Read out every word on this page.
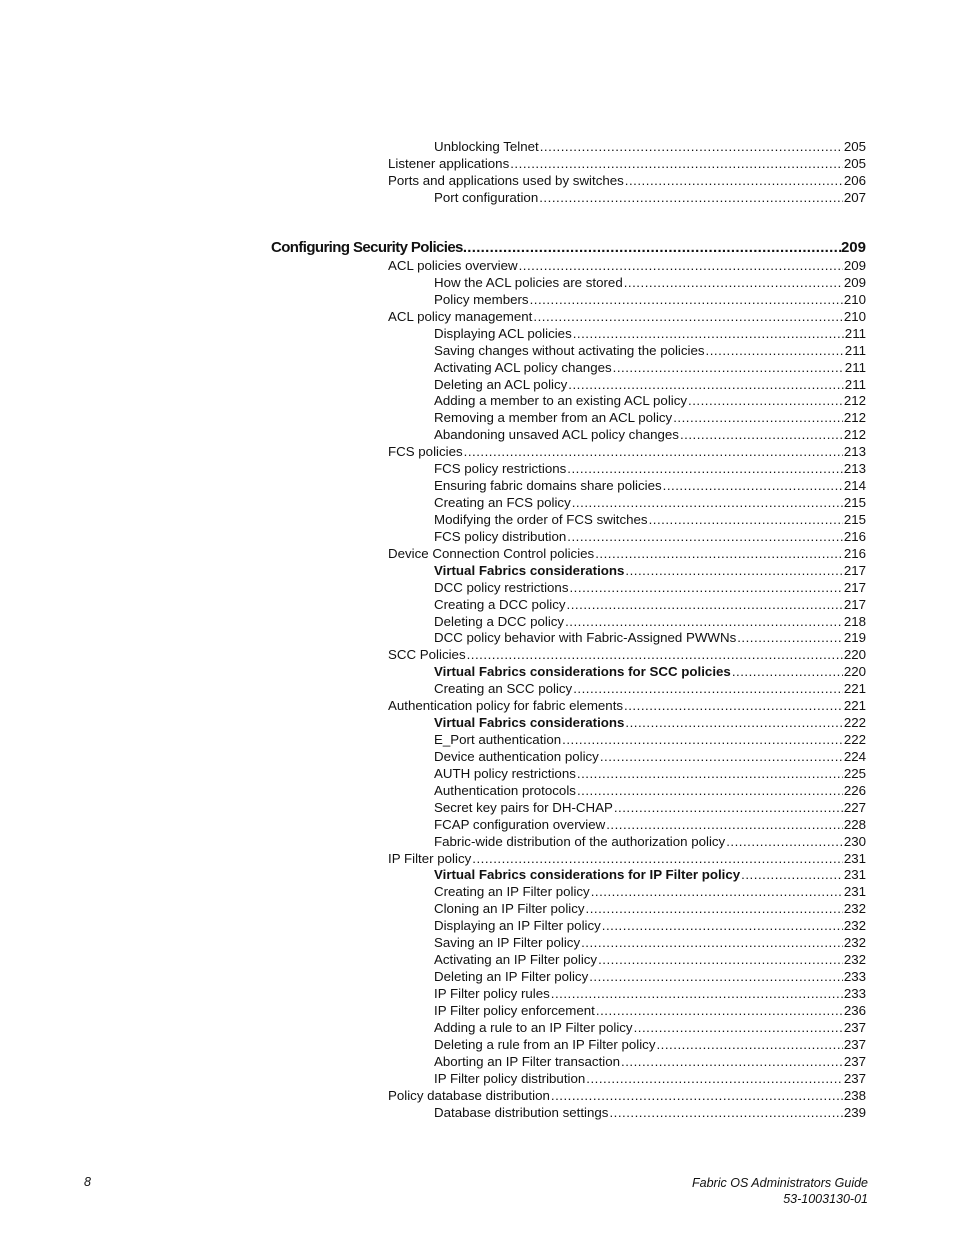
Unblocking Telnet .....	205
Listener applications .....	205
Ports and applications used by switches .....	206
Port configuration .....	207
Configuring Security Policies .....	209
ACL policies overview .....	209
How the ACL policies are stored .....	209
Policy members .....	210
ACL policy management .....	210
Displaying ACL policies .....	211
Saving changes without activating the policies .....	211
Activating ACL policy changes .....	211
Deleting an ACL policy .....	211
Adding a member to an existing ACL policy .....	212
Removing a member from an ACL policy .....	212
Abandoning unsaved ACL policy changes .....	212
FCS policies .....	213
FCS policy restrictions .....	213
Ensuring fabric domains share policies .....	214
Creating an FCS policy .....	215
Modifying the order of FCS switches .....	215
FCS policy distribution .....	216
Device Connection Control policies .....	216
Virtual Fabrics considerations .....	217
DCC policy restrictions .....	217
Creating a DCC policy .....	217
Deleting a DCC policy .....	218
DCC policy behavior with Fabric-Assigned PWWNs .....	219
SCC Policies .....	220
Virtual Fabrics considerations for SCC policies .....	220
Creating an SCC policy .....	221
Authentication policy for fabric elements .....	221
Virtual Fabrics considerations .....	222
E_Port authentication .....	222
Device authentication policy .....	224
AUTH policy restrictions .....	225
Authentication protocols .....	226
Secret key pairs for DH-CHAP .....	227
FCAP configuration overview .....	228
Fabric-wide distribution of the authorization policy .....	230
IP Filter policy .....	231
Virtual Fabrics considerations for IP Filter policy .....	231
Creating an IP Filter policy .....	231
Cloning an IP Filter policy .....	232
Displaying an IP Filter policy .....	232
Saving an IP Filter policy .....	232
Activating an IP Filter policy .....	232
Deleting an IP Filter policy .....	233
IP Filter policy rules .....	233
IP Filter policy enforcement .....	236
Adding a rule to an IP Filter policy .....	237
Deleting a rule from an IP Filter policy .....	237
Aborting an IP Filter transaction .....	237
IP Filter policy distribution .....	237
Policy database distribution .....	238
Database distribution settings .....	239
8	Fabric OS Administrators Guide
53-1003130-01
